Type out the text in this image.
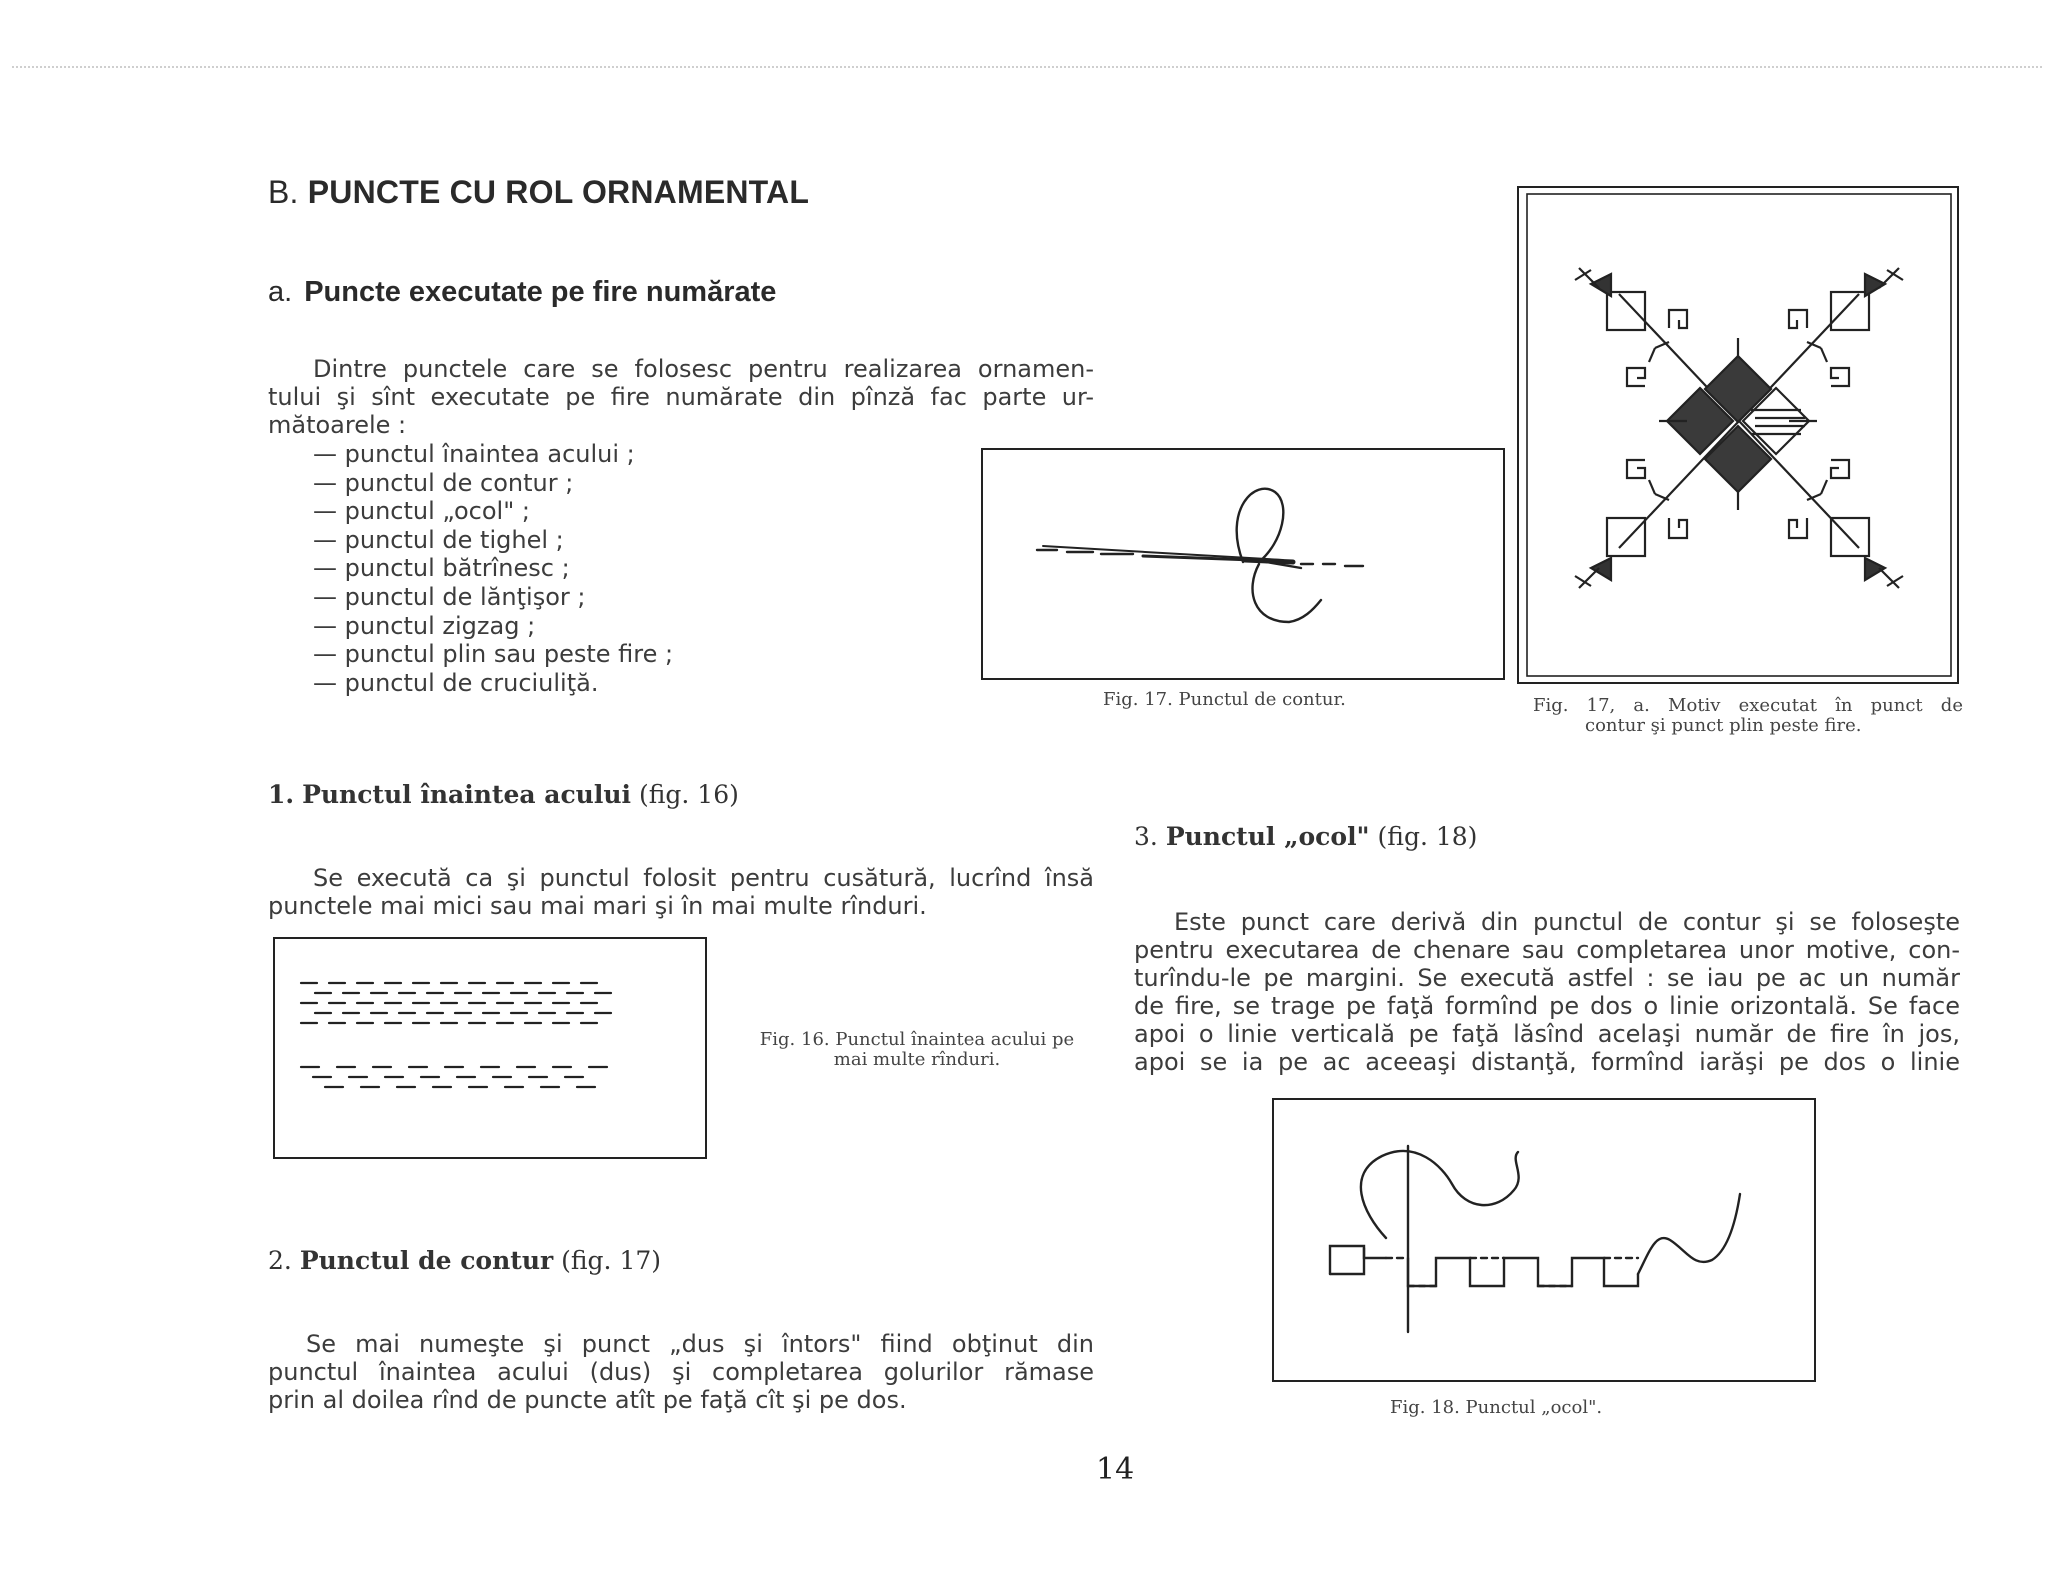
B. PUNCTE CU ROL ORNAMENTAL
a. Puncte executate pe fire numărate
Dintre punctele care se folosesc pentru realizarea ornamen-
tului şi sînt executate pe fire numărate din pînză fac parte ur-
mătoarele :
— punctul înaintea acului ;
— punctul de contur ;
— punctul „ocol" ;
— punctul de tighel ;
— punctul bătrînesc ;
— punctul de lănţişor ;
— punctul zigzag ;
— punctul plin sau peste fire ;
— punctul de cruciuliţă.
Fig. 17. Punctul de contur.	Fig. 17, a. Motiv executat în punct de
contur şi punct plin peste fire.
1. Punctul înaintea acului (fig. 16)
Se execută ca şi punctul folosit pentru cusătură, lucrînd însă
punctele mai mici sau mai mari şi în mai multe rînduri.
Fig. 16. Punctul înaintea acului pe
mai multe rînduri.
2. Punctul de contur (fig. 17)
Se mai numeşte şi punct „dus şi întors" fiind obţinut din
punctul înaintea acului (dus) şi completarea golurilor rămase
prin al doilea rînd de puncte atît pe faţă cît şi pe dos.
3. Punctul „ocol" (fig. 18)
Este punct care derivă din punctul de contur şi se foloseşte
pentru executarea de chenare sau completarea unor motive, con-
turîndu-le pe margini. Se execută astfel : se iau pe ac un număr
de fire, se trage pe faţă formînd pe dos o linie orizontală. Se face
apoi o linie verticală pe faţă lăsînd acelaşi număr de fire în jos,
apoi se ia pe ac aceeaşi distanţă, formînd iarăşi pe dos o linie
Fig. 18. Punctul „ocol".
14
